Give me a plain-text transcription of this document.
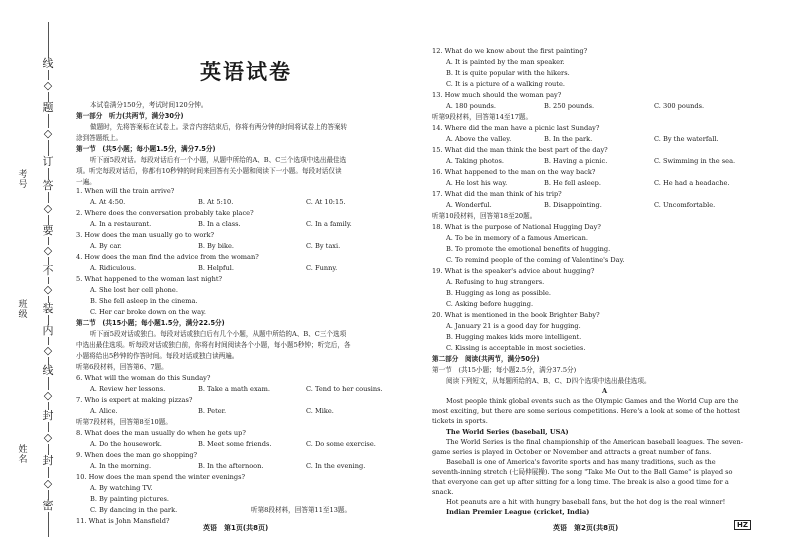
线
◇
题
◇
订
答
◇
要
◇
不
◇
装
内
◇
线
◇
封
◇
封
◇
密
考号
班级
姓名
英语试卷
本试卷满分150分，考试时间120分钟。
第一部分　听力(共两节，满分30分)
做题时，先将答案标在试卷上。录音内容结束后，你将有两分钟的时间将试卷上的答案转
涂到答题纸上。
第一节　(共5小题；每小题1.5分，满分7.5分)
听下面5段对话。每段对话后有一个小题，从题中所给的A、B、C三个选项中选出最佳选
项。听完每段对话后，你都有10秒钟的时间来回答有关小题和阅读下一小题。每段对话仅读
一遍。
1. When will the train arrive?
A. At 4:50.	B. At 5:10.	C. At 10:15.
2. Where does the conversation probably take place?
A. In a restaurant.	B. In a class.	C. In a family.
3. How does the man usually go to work?
A. By car.	B. By bike.	C. By taxi.
4. How does the man find the advice from the woman?
A. Ridiculous.	B. Helpful.	C. Funny.
5. What happened to the woman last night?
A. She lost her cell phone.
B. She fell asleep in the cinema.
C. Her car broke down on the way.
第二节　(共15小题；每小题1.5分，满分22.5分)
听下面5段对话或独白。每段对话或独白后有几个小题，从题中所给的A、B、C三个选项
中选出最佳选项。听每段对话或独白前，你将有时间阅读各个小题，每小题5秒钟；听完后，各
小题将给出5秒钟的作答时间。每段对话或独白读两遍。
听第6段材料，回答第6、7题。
6. What will the woman do this Sunday?
A. Review her lessons.	B. Take a math exam.	C. Tend to her cousins.
7. Who is expert at making pizzas?
A. Alice.	B. Peter.	C. Mike.
听第7段材料，回答第8至10题。
8. What does the man usually do when he gets up?
A. Do the housework.	B. Meet some friends.	C. Do some exercise.
9. When does the man go shopping?
A. In the morning.	B. In the afternoon.	C. In the evening.
10. How does the man spend the winter evenings?
A. By watching TV.
B. By painting pictures.
C. By dancing in the park.	听第8段材料，回答第11至13题。
英语　第1页(共8页)
12. What do we know about the first painting?
A. It is painted by the man speaker.
B. It is quite popular with the hikers.
C. It is a picture of a walking route.
13. How much should the woman pay?
A. 180 pounds.	B. 250 pounds.	C. 300 pounds.
听第9段材料，回答第14至17题。
14. Where did the man have a picnic last Sunday?
A. Above the valley.	B. In the park.	C. By the waterfall.
15. What did the man think the best part of the day?
A. Taking photos.	B. Having a picnic.	C. Swimming in the sea.
16. What happened to the man on the way back?
A. He lost his way.	B. He fell asleep.	C. He had a headache.
17. What did the man think of his trip?
A. Wonderful.	B. Disappointing.	C. Uncomfortable.
听第10段材料，回答第18至20题。
18. What is the purpose of National Hugging Day?
A. To be in memory of a famous American.
B. To promote the emotional benefits of hugging.
C. To remind people of the coming of Valentine's Day.
19. What is the speaker's advice about hugging?
A. Refusing to hug strangers.
B. Hugging as long as possible.
C. Asking before hugging.
20. What is mentioned in the book Brighter Baby?
A. January 21 is a good day for hugging.
B. Hugging makes kids more intelligent.
C. Kissing is acceptable in most societies.
第二部分　阅读(共两节，满分50分)
第一节　(共15小题；每小题2.5分，满分37.5分)
阅读下列短文，从每题所给的A、B、C、D四个选项中选出最佳选项。
A
Most people think global events such as the Olympic Games and the World Cup are the
most exciting, but there are some serious competitions. Here's a look at some of the hottest
tickets in sports.
The World Series (baseball, USA)
The World Series is the final championship of the American baseball leagues. The seven-
game series is played in October or November and attracts a great number of fans.
Baseball is one of America's favorite sports and has many traditions, such as the
seventh-inning stretch (七局伸展操). The song "Take Me Out to the Ball Game" is played so
that everyone can get up after sitting for a long time. The break is also a good time for a
snack.
Hot peanuts are a hit with hungry baseball fans, but the hot dog is the real winner!
Indian Premier League (cricket, India)
11. What is John Mansfield?
英语　第2页(共8页)	HZ
